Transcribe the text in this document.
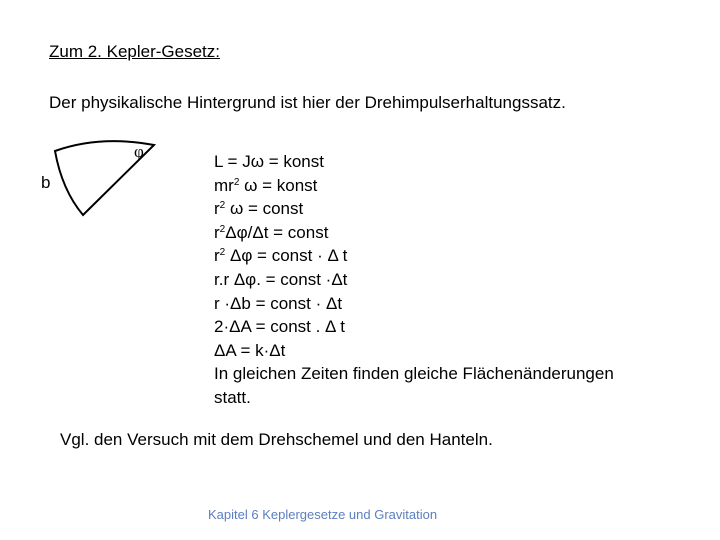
Zum 2. Kepler-Gesetz:
Der physikalische Hintergrund ist hier der Drehimpulserhaltungssatz.
φ
b
L = Jω = konst
$mr^2$ ω = konst
$r^2$ ω = const
$r^2\Delta\varphi/\Delta t$ = const
$r^2$ Δφ = const · Δ t
r.r Δφ. = const ·Δt
r ·Δb = const · Δt
2·ΔA = const . Δ t
ΔA = k·Δt
In gleichen Zeiten finden gleiche Flächenänderungen
statt.
Vgl. den Versuch mit dem Drehschemel und den Hanteln.
Kapitel 6 Keplergesetze und Gravitation
